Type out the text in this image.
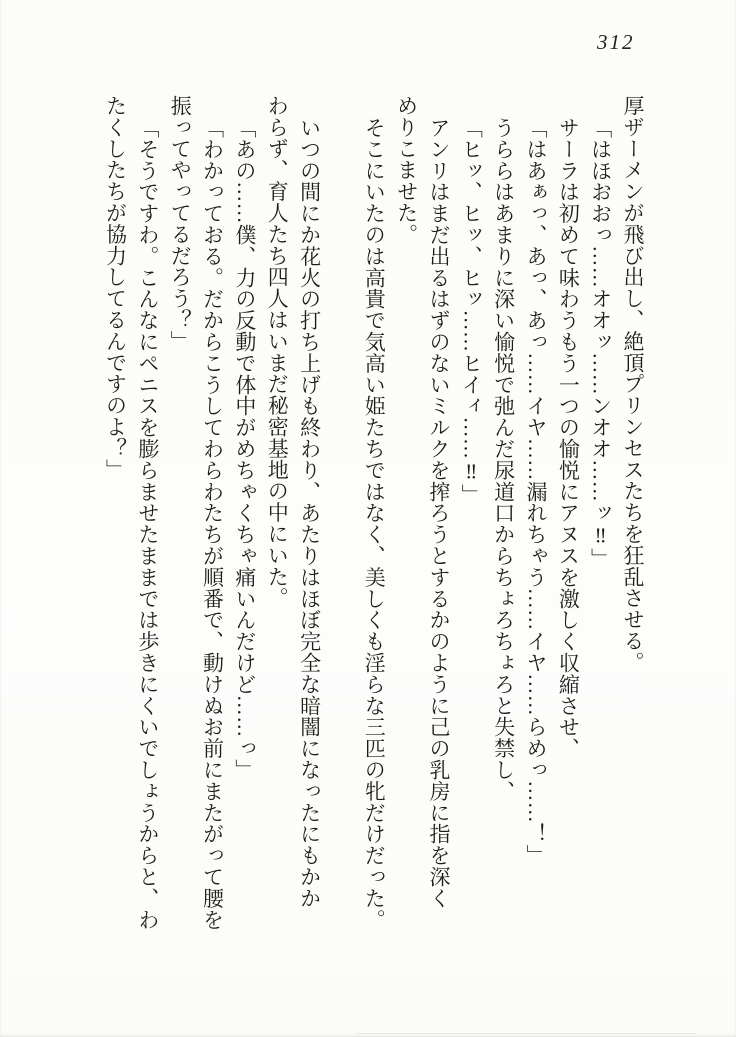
312
厚ザーメンが飛び出し、絶頂プリンセスたちを狂乱させる。
「はほおおっ……オオッ……ンオオ……ッ‼」
サーラは初めて味わうもう一つの愉悦にアヌスを激しく収縮させ、
「はあぁっ、あっ、あっ……イヤ……漏れちゃう……イヤ……らめっ……！」
うららはあまりに深い愉悦で弛んだ尿道口からちょろちょろと失禁し、
「ヒッ、ヒッ、ヒッ……ヒイィ……‼」
アンリはまだ出るはずのないミルクを搾ろうとするかのように己の乳房に指を深く
めりこませた。
そこにいたのは高貴で気高い姫たちではなく、美しくも淫らな三匹の牝だけだった。
いつの間にか花火の打ち上げも終わり、あたりはほぼ完全な暗闇になったにもかか
わらず、育人たち四人はいまだ秘密基地の中にいた。
「あの……僕、力の反動で体中がめちゃくちゃ痛いんだけど……っ」
「わかっておる。だからこうしてわらわたちが順番で、動けぬお前にまたがって腰を
振ってやってるだろう？」
「そうですわ。こんなにペニスを膨らませたままでは歩きにくいでしょうからと、わ
たくしたちが協力してるんですのよ？」
